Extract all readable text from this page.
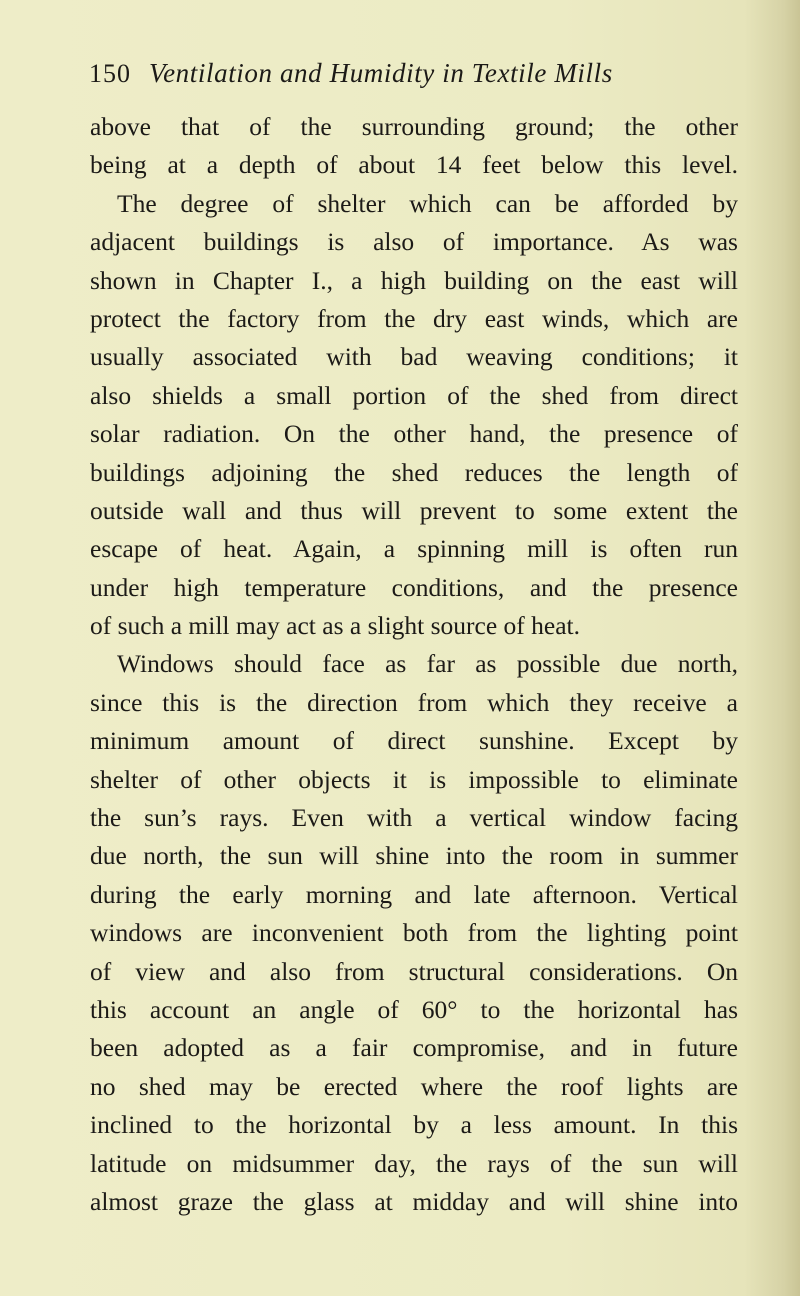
150 Ventilation and Humidity in Textile Mills
above that of the surrounding ground; the other
being at a depth of about 14 feet below this level.
The degree of shelter which can be afforded by
adjacent buildings is also of importance. As was
shown in Chapter I., a high building on the east will
protect the factory from the dry east winds, which are
usually associated with bad weaving conditions; it
also shields a small portion of the shed from direct
solar radiation. On the other hand, the presence of
buildings adjoining the shed reduces the length of
outside wall and thus will prevent to some extent the
escape of heat. Again, a spinning mill is often run
under high temperature conditions, and the presence
of such a mill may act as a slight source of heat.
Windows should face as far as possible due north,
since this is the direction from which they receive a
minimum amount of direct sunshine. Except by
shelter of other objects it is impossible to eliminate
the sun’s rays. Even with a vertical window facing
due north, the sun will shine into the room in summer
during the early morning and late afternoon. Vertical
windows are inconvenient both from the lighting point
of view and also from structural considerations. On
this account an angle of 60° to the horizontal has
been adopted as a fair compromise, and in future
no shed may be erected where the roof lights are
inclined to the horizontal by a less amount. In this
latitude on midsummer day, the rays of the sun will
almost graze the glass at midday and will shine into
